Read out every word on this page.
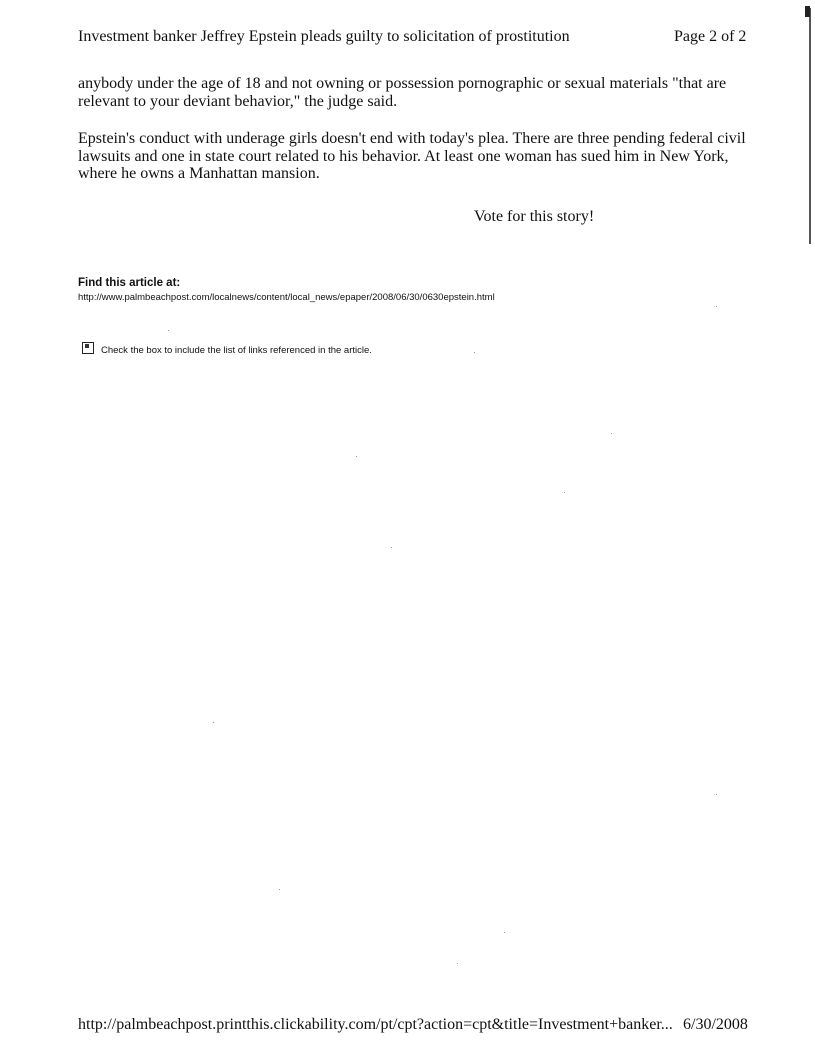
Investment banker Jeffrey Epstein pleads guilty to solicitation of prostitution	Page 2 of 2

anybody under the age of 18 and not owning or possession pornographic or sexual materials "that are relevant to your deviant behavior," the judge said.

Epstein's conduct with underage girls doesn't end with today's plea. There are three pending federal civil lawsuits and one in state court related to his behavior. At least one woman has sued him in New York, where he owns a Manhattan mansion.

Vote for this story!
Find this article at:
http://www.palmbeachpost.com/localnews/content/local_news/epaper/2008/06/30/0630epstein.html
Check the box to include the list of links referenced in the article.
http://palmbeachpost.printthis.clickability.com/pt/cpt?action=cpt&title=Investment+banker... 6/30/2008
